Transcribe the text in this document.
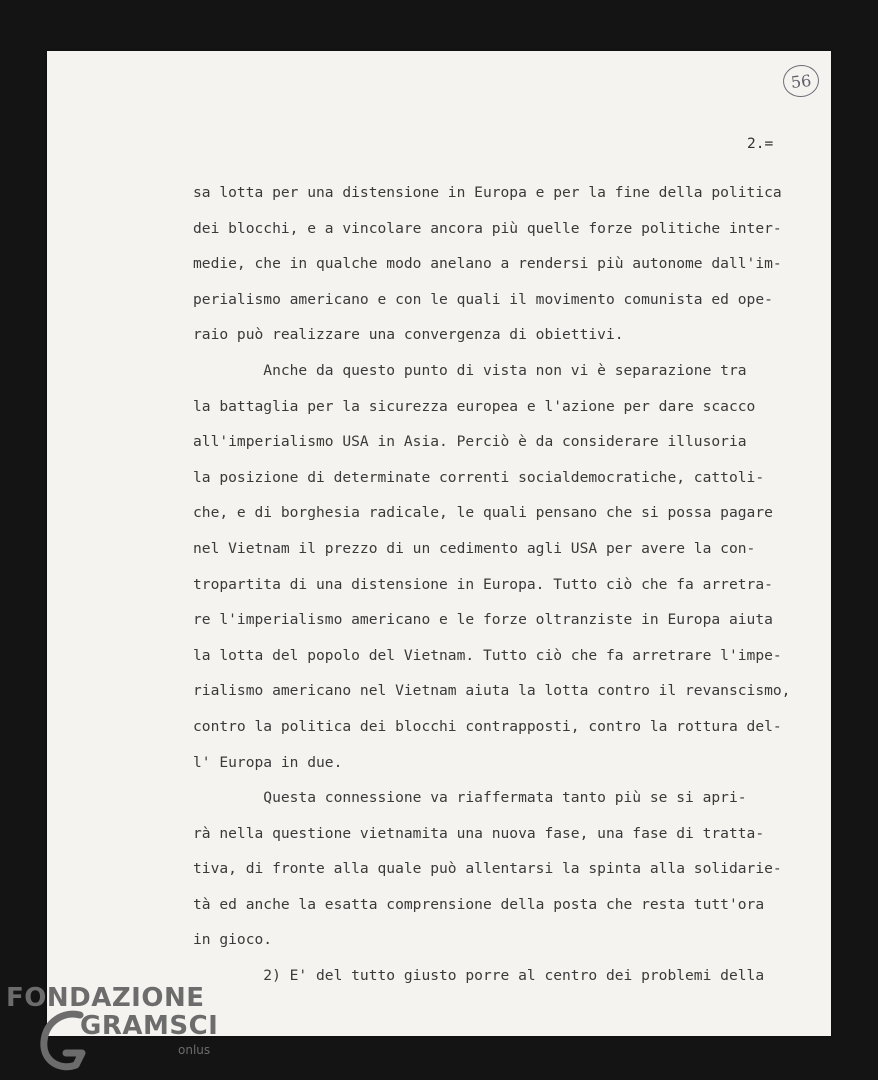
56
2.=
sa lotta per una distensione in Europa e per la fine della politica
dei blocchi, e a vincolare ancora più quelle forze politiche inter-
medie, che in qualche modo anelano a rendersi più autonome dall'im-
perialismo americano e con le quali il movimento comunista ed ope-
raio può realizzare una convergenza di obiettivi.
Anche da questo punto di vista non vi è separazione tra
la battaglia per la sicurezza europea e l'azione per dare scacco
all'imperialismo USA in Asia. Perciò è da considerare illusoria
la posizione di determinate correnti socialdemocratiche, cattoli-
che, e di borghesia radicale, le quali pensano che si possa pagare
nel Vietnam il prezzo di un cedimento agli USA per avere la con-
tropartita di una distensione in Europa. Tutto ciò che fa arretra-
re l'imperialismo americano e le forze oltranziste in Europa aiuta
la lotta del popolo del Vietnam. Tutto ciò che fa arretrare l'impe-
rialismo americano nel Vietnam aiuta la lotta contro il revanscismo,
contro la politica dei blocchi contrapposti, contro la rottura del-
l' Europa in due.
Questa connessione va riaffermata tanto più se si apri-
rà nella questione vietnamita una nuova fase, una fase di tratta-
tiva, di fronte alla quale può allentarsi la spinta alla solidarie-
tà ed anche la esatta comprensione della posta che resta tutt'ora
in gioco.
2) E' del tutto giusto porre al centro dei problemi della
FONDAZIONE
GRAMSCI
onlus
